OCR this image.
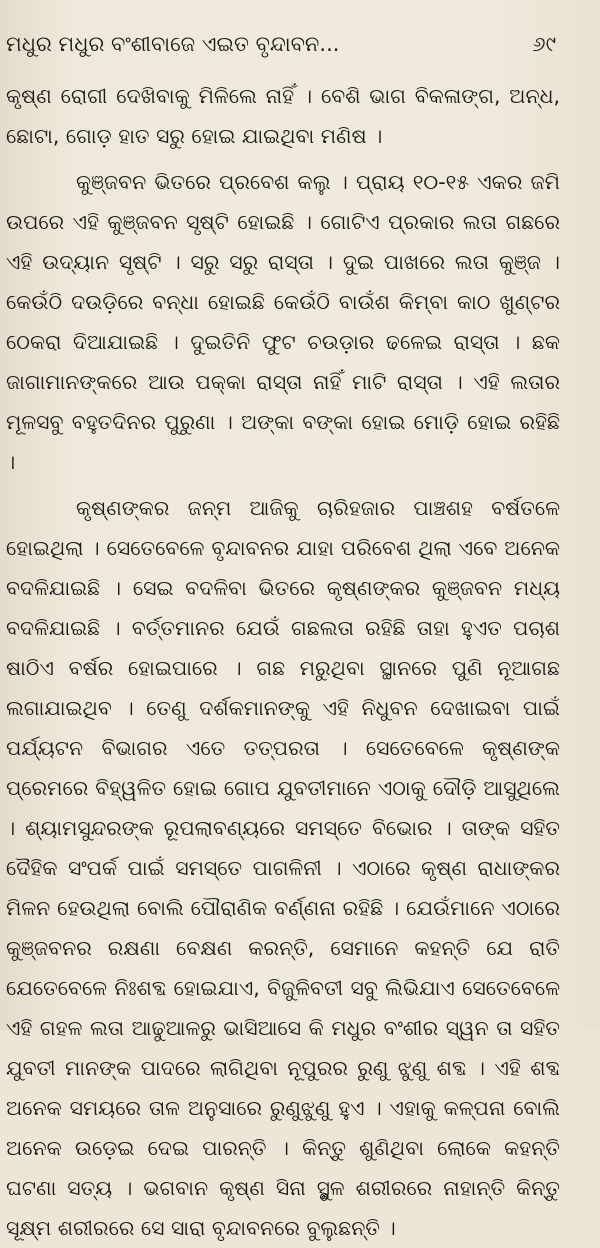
ମଧୁର ମଧୁର ବଂଶୀବାଜେ ଏଇତ ବୃନ୍ଦାବନ...	୬୯

କୃଷ୍ଣ ରୋଗୀ ଦେଖିବାକୁ ମିଳିଲେ ନାହିଁ । ବେଶି ଭାଗ ବିକଳାଙ୍ଗ, ଅନ୍ଧ, ଛୋଟା, ଗୋଡ଼ ହାତ ସରୁ ହୋଇ ଯାଇଥିବା ମଣିଷ ।

କୁଞ୍ଜବନ ଭିତରେ ପ୍ରବେଶ କଲୁ । ପ୍ରାୟ ୧୦-୧୫ ଏକର ଜମି ଉପରେ ଏହି କୁଞ୍ଜବନ ସୃଷ୍ଟି ହୋଇଛି । ଗୋଟିଏ ପ୍ରକାର ଲତା ଗଛରେ ଏହି ଉଦ୍ୟାନ ସୃଷ୍ଟି । ସରୁ ସରୁ ରାସ୍ତା । ଦୁଇ ପାଖରେ ଲତା କୁଞ୍ଜ । କେଉଁଠି ଦଉଡ଼ିରେ ବନ୍ଧା ହୋଇଛି କେଉଁଠି ବାଉଁଶ କିମ୍ବା କାଠ ଖୁଣ୍ଟର ଠେକରା ଦିଆଯାଇଛି । ଦୁଇତିନି ଫୁଟ ଚଉଡ଼ାର ଢଳେଇ ରାସ୍ତା । ଛକ ଜାଗାମାନଙ୍କରେ ଆଉ ପକ୍କା ରାସ୍ତା ନାହିଁ ମାଟି ରାସ୍ତା । ଏହି ଲତାର ମୂଳସବୁ ବହୁତଦିନର ପୁରୁଣା । ଅଙ୍କା ବଙ୍କା ହୋଇ ମୋଡ଼ି ହୋଇ ରହିଛି ।

କୃଷ୍ଣଙ୍କର ଜନ୍ମ ଆଜିକୁ ଚାରିହଜାର ପାଞ୍ଚଶହ ବର୍ଷତଳେ ହୋଇଥିଲା । ସେତେବେଳେ ବୃନ୍ଦାବନର ଯାହା ପରିବେଶ ଥିଲା ଏବେ ଅନେକ ବଦଳିଯାଇଛି । ସେଇ ବଦଳିବା ଭିତରେ କୃଷ୍ଣଙ୍କର କୁଞ୍ଜବନ ମଧ୍ୟ ବଦଳିଯାଇଛି । ବର୍ତ୍ତମାନର ଯେଉଁ ଗଛଲତା ରହିଛି ତାହା ହୁଏତ ପଚାଶ ଷାଠିଏ ବର୍ଷର ହୋଇପାରେ । ଗଛ ମରୁଥିବା ସ୍ଥାନରେ ପୁଣି ନୂଆଗଛ ଲଗାଯାଇଥିବ । ତେଣୁ ଦର୍ଶକମାନଙ୍କୁ ଏହି ନିଧୁବନ ଦେଖାଇବା ପାଇଁ ପର୍ଯ୍ୟଟନ ବିଭାଗର ଏତେ ତତ୍ପରତା । ସେତେବେଳେ କୃଷ୍ଣଙ୍କ ପ୍ରେମରେ ବିହ୍ୱଳିତ ହୋଇ ଗୋପ ଯୁବତୀମାନେ ଏଠାକୁ ଦୌଡ଼ି ଆସୁଥିଲେ । ଶ୍ୟାମସୁନ୍ଦରଙ୍କ ରୂପଲାବଣ୍ୟରେ ସମସ୍ତେ ବିଭୋର । ତାଙ୍କ ସହିତ ଦୈହିକ ସଂପର୍କ ପାଇଁ ସମସ୍ତେ ପାଗଳିନୀ । ଏଠାରେ କୃଷ୍ଣ ରାଧାଙ୍କର ମିଳନ ହେଉଥିଲା ବୋଲି ପୌରାଣିକ ବର୍ଣ୍ଣନା ରହିଛି । ଯେଉଁମାନେ ଏଠାରେ କୁଞ୍ଜବନର ରକ୍ଷଣା ବେକ୍ଷଣ କରନ୍ତି, ସେମାନେ କହନ୍ତି ଯେ ରାତି ଯେତେବେଳେ ନିଃଶବ୍ଦ ହୋଇଯାଏ, ବିଜୁଳିବତୀ ସବୁ ଲିଭିଯାଏ ସେତେବେଳେ ଏହି ଗହଳ ଲତା ଆଢୁଆଳରୁ ଭାସିଆସେ କି ମଧୁର ବଂଶୀର ସ୍ୱନ ତା ସହିତ ଯୁବତୀ ମାନଙ୍କ ପାଦରେ ଲାଗିଥିବା ନୂପୁରର ରୁଣୁ ଝୁଣୁ ଶବ୍ଦ । ଏହି ଶବ୍ଦ ଅନେକ ସମୟରେ ତାଳ ଅନୁସାରେ ରୁଣୁଝୁଣୁ ହୁଏ । ଏହାକୁ କଳ୍ପନା ବୋଲି ଅନେକ ଉଡ଼େଇ ଦେଇ ପାରନ୍ତି । କିନ୍ତୁ ଶୁଣିଥିବା ଲୋକେ କହନ୍ତି ଘଟଣା ସତ୍ୟ । ଭଗବାନ କୃଷ୍ଣ ସିନା ସ୍ଥୁଳ ଶରୀରରେ ନାହାନ୍ତି କିନ୍ତୁ ସୂକ୍ଷ୍ମ ଶରୀରରେ ସେ ସାରା ବୃନ୍ଦାବନରେ ବୁଲୁଛନ୍ତି ।
